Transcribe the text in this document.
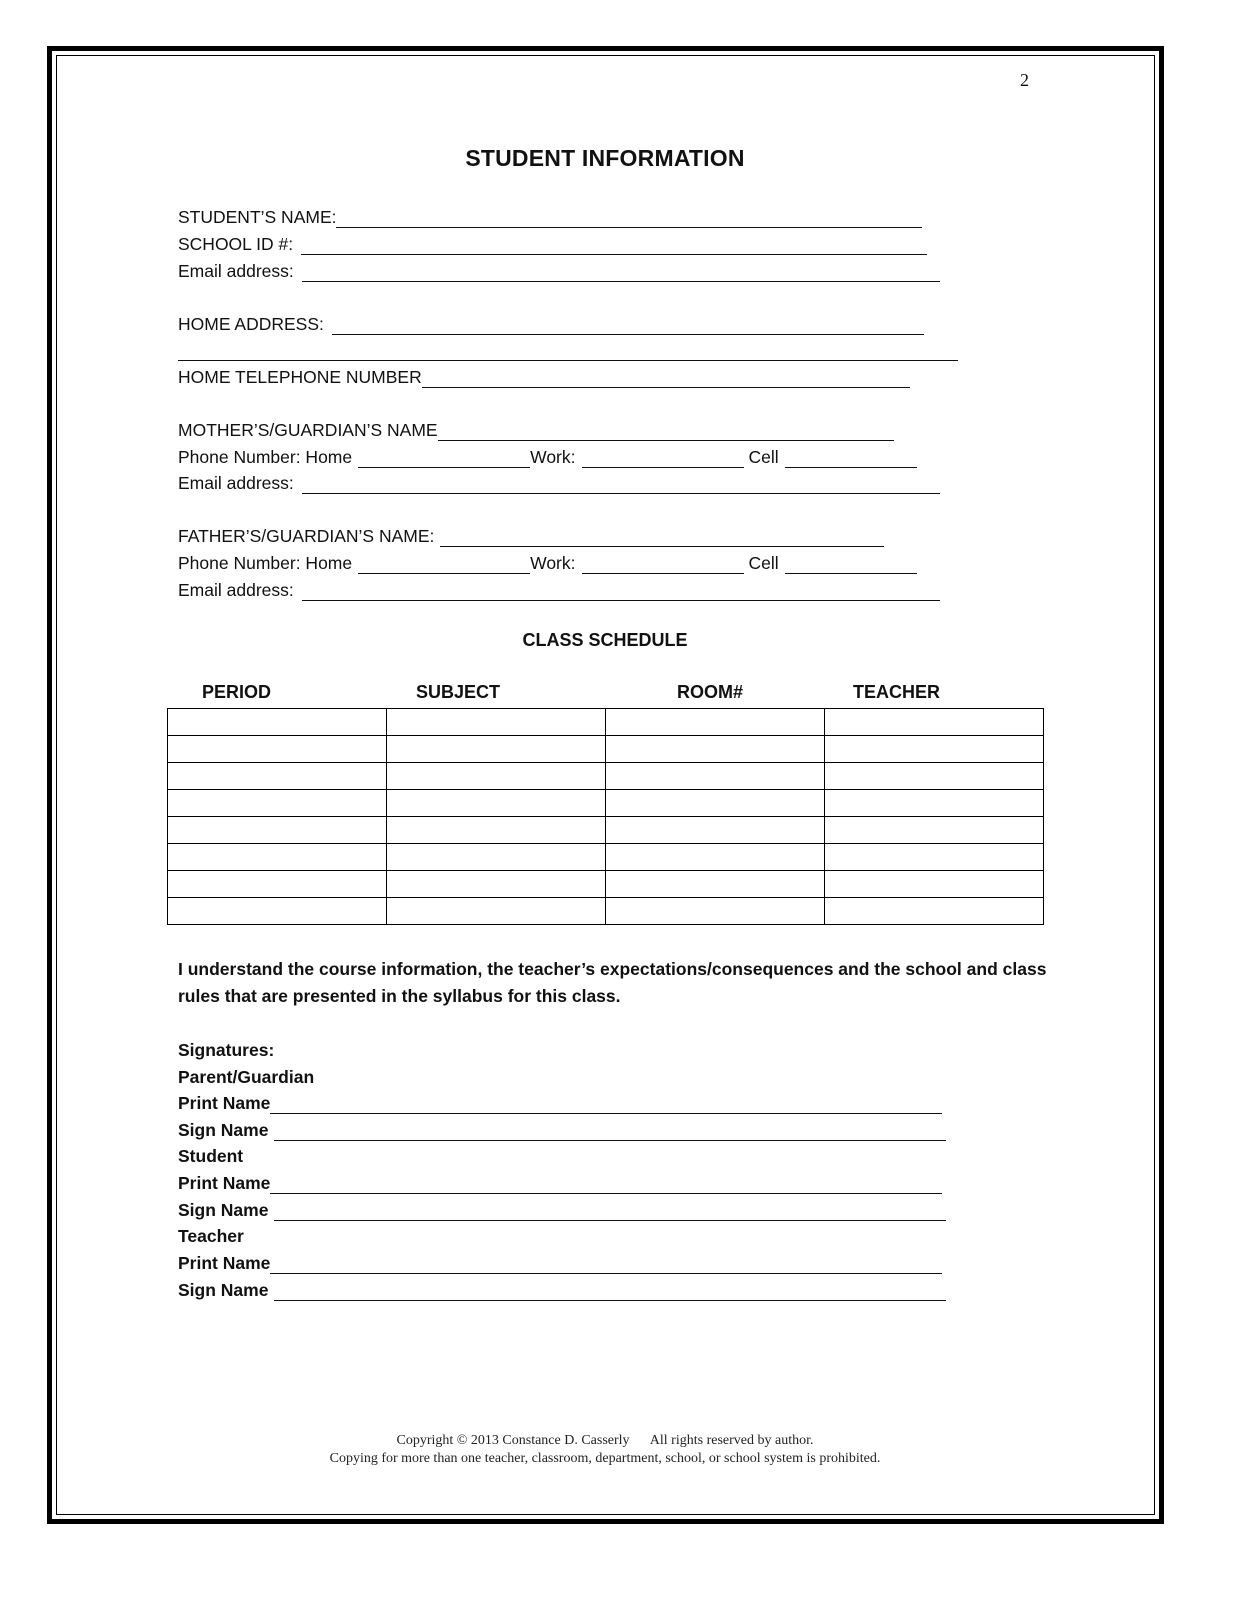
2
STUDENT INFORMATION
STUDENT’S NAME:
SCHOOL ID #:
Email address:
HOME ADDRESS:
HOME TELEPHONE NUMBER
MOTHER’S/GUARDIAN’S NAME
Phone Number: Home	Work:	Cell
Email address:
FATHER’S/GUARDIAN’S NAME:
Phone Number: Home	Work:	Cell
Email address:
CLASS SCHEDULE
PERIOD	SUBJECT	ROOM#	TEACHER

I understand the course information, the teacher’s expectations/consequences and the school and class rules that are presented in the syllabus for this class.
Signatures:
Parent/Guardian
Print Name
Sign Name
Student
Print Name
Sign Name
Teacher
Print Name
Sign Name
Copyright © 2013 Constance D. Casserly      All rights reserved by author.
Copying for more than one teacher, classroom, department, school, or school system is prohibited.
